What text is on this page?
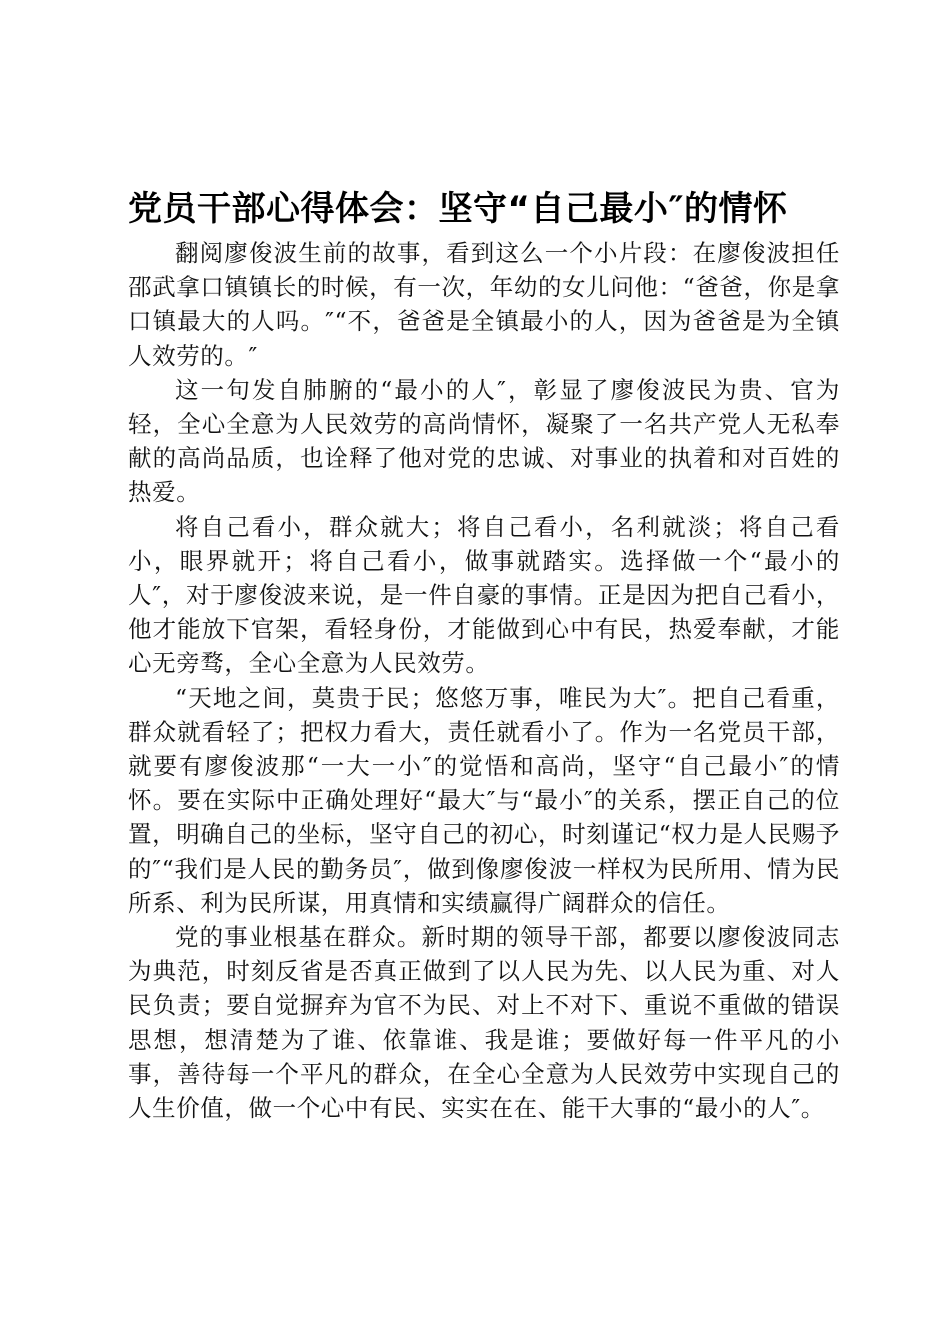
党员干部心得体会：坚守“自己最小″的情怀

翻阅廖俊波生前的故事，看到这么一个小片段：在廖俊波担任邵武拿口镇镇长的时候，有一次，年幼的女儿问他：“爸爸，你是拿口镇最大的人吗。″“不，爸爸是全镇最小的人，因为爸爸是为全镇人效劳的。″

这一句发自肺腑的“最小的人″，彰显了廖俊波民为贵、官为轻，全心全意为人民效劳的高尚情怀，凝聚了一名共产党人无私奉献的高尚品质，也诠释了他对党的忠诚、对事业的执着和对百姓的热爱。

将自己看小，群众就大；将自己看小，名利就淡；将自己看小，眼界就开；将自己看小，做事就踏实。选择做一个“最小的人″，对于廖俊波来说，是一件自豪的事情。正是因为把自己看小，他才能放下官架，看轻身份，才能做到心中有民，热爱奉献，才能心无旁骛，全心全意为人民效劳。

“天地之间，莫贵于民；悠悠万事，唯民为大″。把自己看重，群众就看轻了；把权力看大，责任就看小了。作为一名党员干部，就要有廖俊波那“一大一小″的觉悟和高尚，坚守“自己最小″的情怀。要在实际中正确处理好“最大″与“最小″的关系，摆正自己的位置，明确自己的坐标，坚守自己的初心，时刻谨记“权力是人民赐予的″“我们是人民的勤务员″，做到像廖俊波一样权为民所用、情为民所系、利为民所谋，用真情和实绩赢得广阔群众的信任。

党的事业根基在群众。新时期的领导干部，都要以廖俊波同志为典范，时刻反省是否真正做到了以人民为先、以人民为重、对人民负责；要自觉摒弃为官不为民、对上不对下、重说不重做的错误思想，想清楚为了谁、依靠谁、我是谁；要做好每一件平凡的小事，善待每一个平凡的群众，在全心全意为人民效劳中实现自己的人生价值，做一个心中有民、实实在在、能干大事的“最小的人″。
